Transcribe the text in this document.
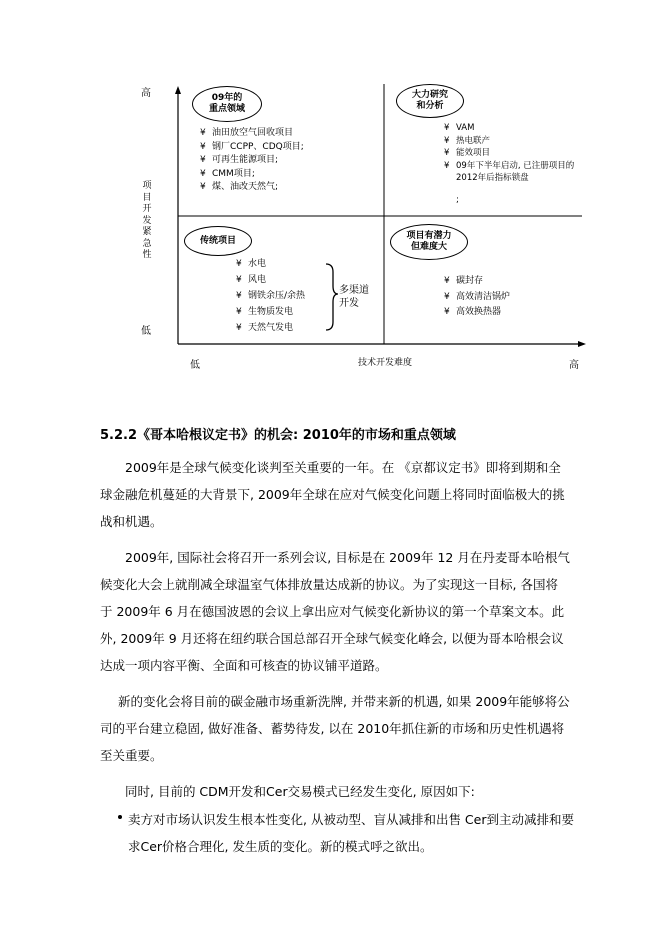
高
低
项
目
开
发
紧
急
性
低	技术开发难度	高
09年的
重点领域
¥ 油田放空气回收项目
¥ 钢厂CCPP、CDQ项目;
¥ 可再生能源项目;
¥ CMM项目;
¥ 煤、油改天然气;
大力研究
和分析
¥ VAM
¥ 热电联产
¥ 能效项目
¥ 09年下半年启动, 已注册项目的2012年后指标锁盘
;
传统项目
¥ 水电
¥ 风电
¥ 钢铁余压/余热
¥ 生物质发电
¥ 天然气发电
多渠道
开发
项目有潜力
但难度大
¥ 碳封存
¥ 高效清洁锅炉
¥ 高效换热器
5.2.2《哥本哈根议定书》的机会: 2010年的市场和重点领域

2009年是全球气候变化谈判至关重要的一年。在 《京都议定书》即将到期和全球金融危机蔓延的大背景下, 2009年全球在应对气候变化问题上将同时面临极大的挑战和机遇。

2009年, 国际社会将召开一系列会议, 目标是在 2009年 12 月在丹麦哥本哈根气候变化大会上就削减全球温室气体排放量达成新的协议。为了实现这一目标, 各国将于 2009年 6 月在德国波恩的会议上拿出应对气候变化新协议的第一个草案文本。此外, 2009年 9 月还将在纽约联合国总部召开全球气候变化峰会, 以便为哥本哈根会议达成一项内容平衡、全面和可核查的协议铺平道路。

新的变化会将目前的碳金融市场重新洗牌, 并带来新的机遇, 如果 2009年能够将公司的平台建立稳固, 做好准备、蓄势待发, 以在 2010年抓住新的市场和历史性机遇将至关重要。

同时, 目前的 CDM开发和Cer交易模式已经发生变化, 原因如下:

卖方对市场认识发生根本性变化, 从被动型、盲从减排和出售 Cer到主动减排和要求Cer价格合理化, 发生质的变化。新的模式呼之欲出。
